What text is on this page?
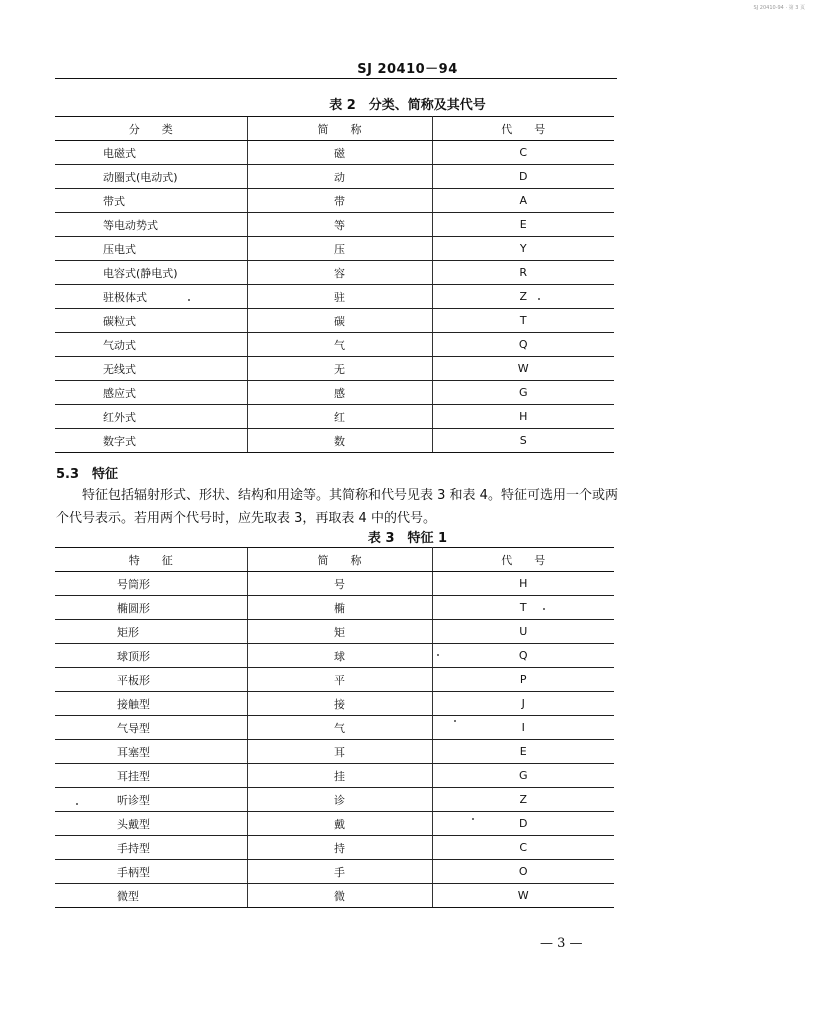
SJ 20410-94 · 第 3 页
SJ 20410－94
表 2　分类、简称及其代号
分　　类	简　　称	代　　号
电磁式	磁	C
动圈式(电动式)	动	D
带式	带	A
等电动势式	等	E
压电式	压	Y
电容式(静电式)	容	R
驻极体式	驻	Z
碳粒式	碳	T
气动式	气	Q
无线式	无	W
感应式	感	G
红外式	红	H
数字式	数	S
5.3　 特征
特征包括辐射形式、形状、结构和用途等。其简称和代号见表 3 和表 4。特征可选用一个或两个代号表示。若用两个代号时，应先取表 3，再取表 4 中的代号。
表 3　特征 1
特　　征	简　　称	代　　号
号筒形	号	H
椭圆形	椭	T
矩形	矩	U
球顶形	球	Q
平板形	平	P
接触型	接	J
气导型	气	I
耳塞型	耳	E
耳挂型	挂	G
听诊型	诊	Z
头戴型	戴	D
手持型	持	C
手柄型	手	O
微型	微	W
— 3 —
